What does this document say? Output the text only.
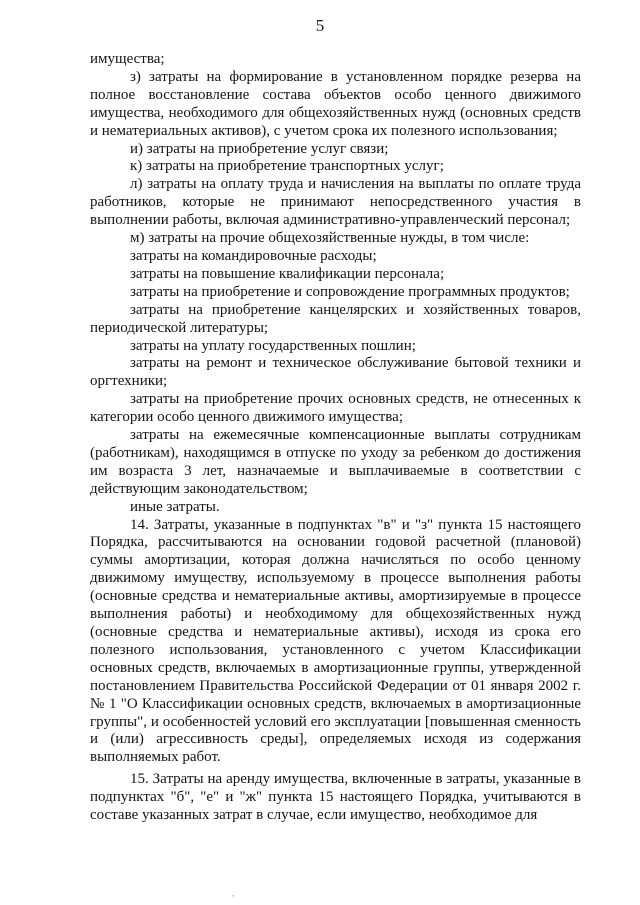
5

имущества;

з) затраты на формирование в установленном порядке резерва на полное восстановление состава объектов особо ценного движимого имущества, необходимого для общехозяйственных нужд (основных средств и нематериальных активов), с учетом срока их полезного использования;

и) затраты на приобретение услуг связи;

к) затраты на приобретение транспортных услуг;

л) затраты на оплату труда и начисления на выплаты по оплате труда работников, которые не принимают непосредственного участия в выполнении работы, включая административно-управленческий персонал;

м) затраты на прочие общехозяйственные нужды, в том числе:

затраты на командировочные расходы;

затраты на повышение квалификации персонала;

затраты на приобретение и сопровождение программных продуктов;

затраты на приобретение канцелярских и хозяйственных товаров, периодической литературы;

затраты на уплату государственных пошлин;

затраты на ремонт и техническое обслуживание бытовой техники и оргтехники;

затраты на приобретение прочих основных средств, не отнесенных к категории особо ценного движимого имущества;

затраты на ежемесячные компенсационные выплаты сотрудникам (работникам), находящимся в отпуске по уходу за ребенком до достижения им возраста 3 лет, назначаемые и выплачиваемые в соответствии с действующим законодательством;

иные затраты.

14. Затраты, указанные в подпунктах "в" и "з" пункта 15 настоящего Порядка, рассчитываются на основании годовой расчетной (плановой) суммы амортизации, которая должна начисляться по особо ценному движимому имуществу, используемому в процессе выполнения работы (основные средства и нематериальные активы, амортизируемые в процессе выполнения работы) и необходимому для общехозяйственных нужд (основные средства и нематериальные активы), исходя из срока его полезного использования, установленного с учетом Классификации основных средств, включаемых в амортизационные группы, утвержденной постановлением Правительства Российской Федерации от 01 января 2002 г. № 1 "О Классификации основных средств, включаемых в амортизационные группы", и особенностей условий его эксплуатации [повышенная сменность и (или) агрессивность среды], определяемых исходя из содержания выполняемых работ.

15. Затраты на аренду имущества, включенные в затраты, указанные в подпунктах "б", "е" и "ж" пункта 15 настоящего Порядка, учитываются в составе указанных затрат в случае, если имущество, необходимое для

,
